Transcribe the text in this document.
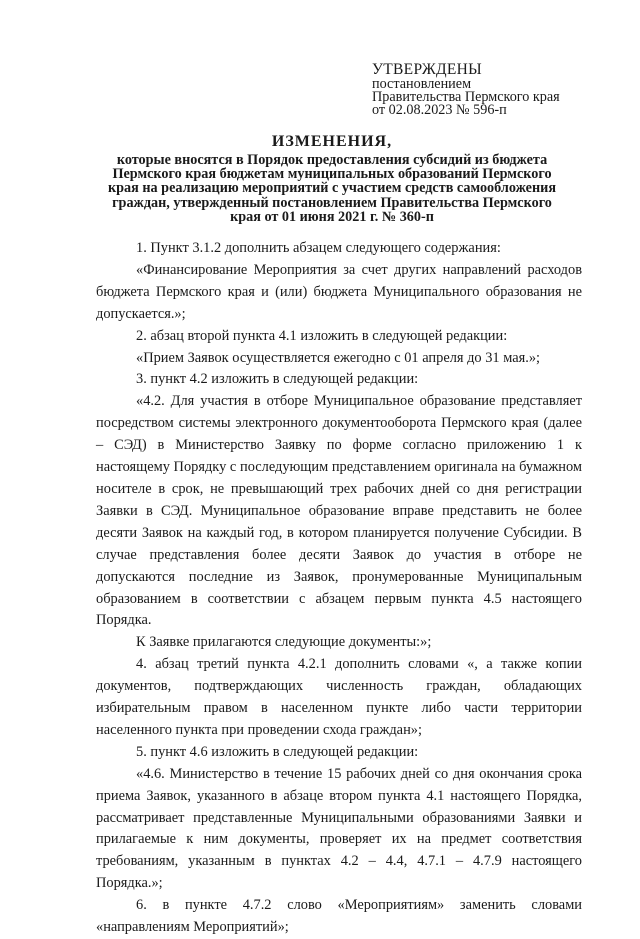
УТВЕРЖДЕНЫ
постановлением
Правительства Пермского края
от 02.08.2023 № 596-п
ИЗМЕНЕНИЯ,
которые вносятся в Порядок предоставления субсидий из бюджета Пермского края бюджетам муниципальных образований Пермского края на реализацию мероприятий с участием средств самообложения граждан, утвержденный постановлением Правительства Пермского края от 01 июня 2021 г. № 360-п

1. Пункт 3.1.2 дополнить абзацем следующего содержания:

«Финансирование Мероприятия за счет других направлений расходов бюджета Пермского края и (или) бюджета Муниципального образования не допускается.»;

2. абзац второй пункта 4.1 изложить в следующей редакции:

«Прием Заявок осуществляется ежегодно с 01 апреля до 31 мая.»;

3. пункт 4.2 изложить в следующей редакции:

«4.2. Для участия в отборе Муниципальное образование представляет посредством системы электронного документооборота Пермского края (далее – СЭД) в Министерство Заявку по форме согласно приложению 1 к настоящему Порядку с последующим представлением оригинала на бумажном носителе в срок, не превышающий трех рабочих дней со дня регистрации Заявки в СЭД. Муниципальное образование вправе представить не более десяти Заявок на каждый год, в котором планируется получение Субсидии. В случае представления более десяти Заявок до участия в отборе не допускаются последние из Заявок, пронумерованные Муниципальным образованием в соответствии с абзацем первым пункта 4.5 настоящего Порядка.

К Заявке прилагаются следующие документы:»;

4. абзац третий пункта 4.2.1 дополнить словами «, а также копии документов, подтверждающих численность граждан, обладающих избирательным правом в населенном пункте либо части территории населенного пункта при проведении схода граждан»;

5. пункт 4.6 изложить в следующей редакции:

«4.6. Министерство в течение 15 рабочих дней со дня окончания срока приема Заявок, указанного в абзаце втором пункта 4.1 настоящего Порядка, рассматривает представленные Муниципальными образованиями Заявки и прилагаемые к ним документы, проверяет их на предмет соответствия требованиям, указанным в пунктах 4.2 – 4.4, 4.7.1 – 4.7.9 настоящего Порядка.»;

6. в пункте 4.7.2 слово «Мероприятиям» заменить словами «направлениям Мероприятий»;
